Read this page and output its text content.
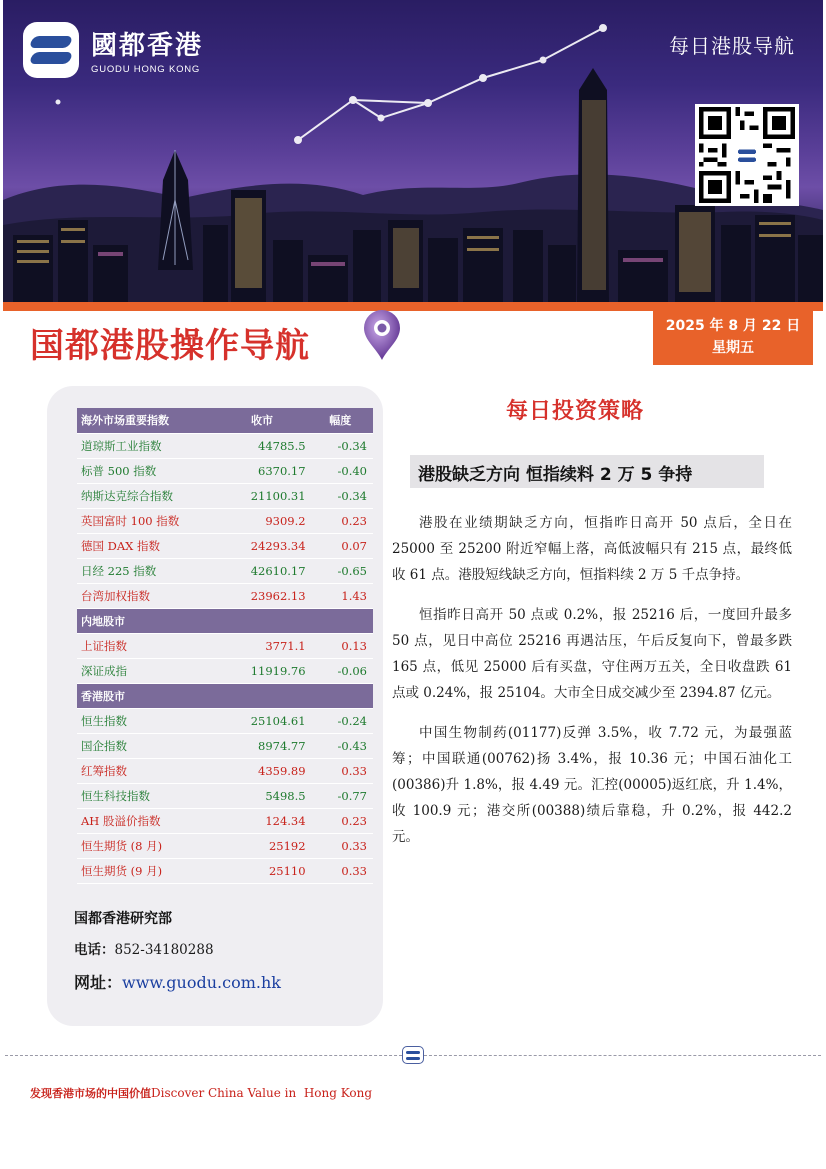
國都香港
GUODU HONG KONG
每日港股导航
国都港股操作导航	2025 年 8 月 22 日
星期五
海外市场重要指数	收市	幅度
道琼斯工业指数	44785.5	-0.34
标普 500 指数	6370.17	-0.40
纳斯达克综合指数	21100.31	-0.34
英国富时 100 指数	9309.2	0.23
德国 DAX 指数	24293.34	0.07
日经 225 指数	42610.17	-0.65
台湾加权指数	23962.13	1.43
内地股市		
上证指数	3771.1	0.13
深证成指	11919.76	-0.06
香港股市		
恒生指数	25104.61	-0.24
国企指数	8974.77	-0.43
红筹指数	4359.89	0.33
恒生科技指数	5498.5	-0.77
AH 股溢价指数	124.34	0.23
恒生期货 (8 月)	25192	0.33
恒生期货 (9 月)	25110	0.33
国都香港研究部
电话：852-34180288
网址：www.guodu.com.hk
每日投资策略
港股缺乏方向 恒指续料 2 万 5 争持

港股在业绩期缺乏方向，恒指昨日高开 50 点后，全日在 25000 至 25200 附近窄幅上落，高低波幅只有 215 点，最终低收 61 点。港股短线缺乏方向，恒指料续 2 万 5 千点争持。

恒指昨日高开 50 点或 0.2%，报 25216 后，一度回升最多 50 点，见日中高位 25216 再遇沽压，午后反复向下，曾最多跌 165 点，低见 25000 后有买盘，守住两万五关，全日收盘跌 61 点或 0.24%，报 25104。大市全日成交减少至 2394.87 亿元。

中国生物制药(01177)反弹 3.5%，收 7.72 元，为最强蓝筹；中国联通(00762)扬 3.4%，报 10.36 元；中国石油化工(00386)升 1.8%，报 4.49 元。汇控(00005)返红底，升 1.4%，收 100.9 元；港交所(00388)绩后靠稳，升 0.2%，报 442.2 元。

发现香港市场的中国价值Discover China Value in  Hong Kong
